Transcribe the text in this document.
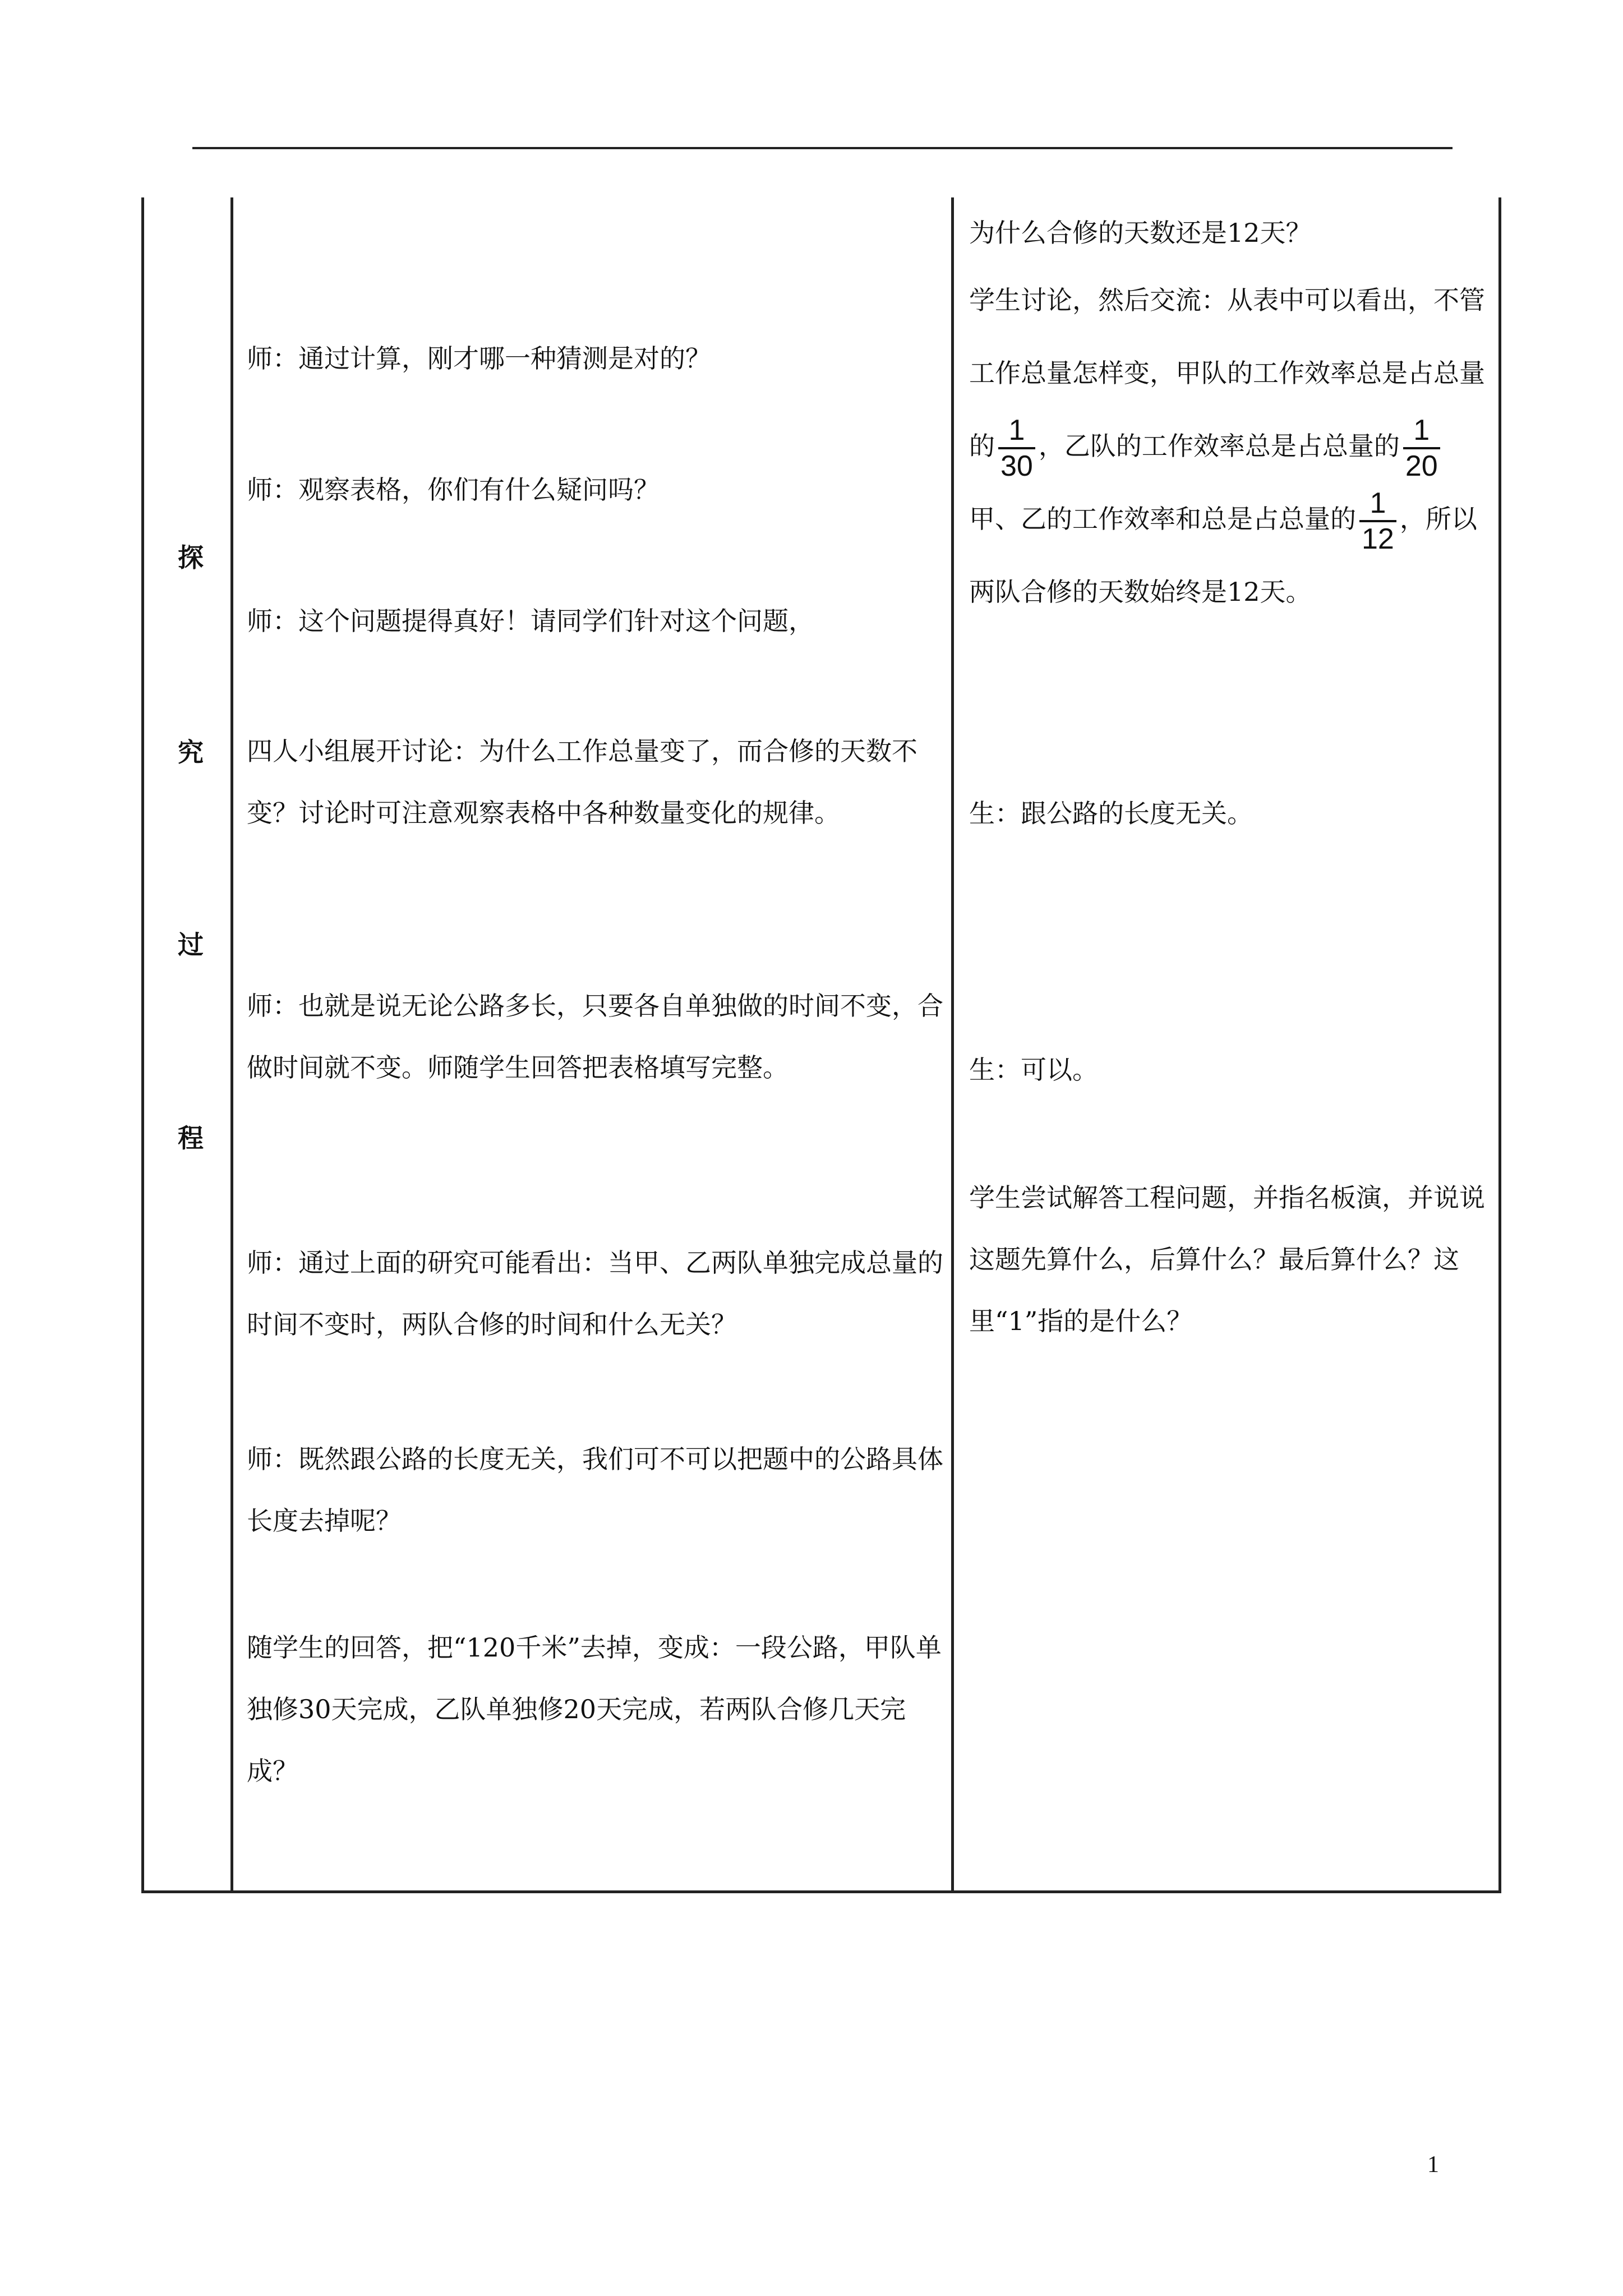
探
究
过
程

师：通过计算，刚才哪一种猜测是对的？

师：观察表格，你们有什么疑问吗？

师：这个问题提得真好！请同学们针对这个问题，

四人小组展开讨论：为什么工作总量变了，而合修的天数不变？讨论时可注意观察表格中各种数量变化的规律。

师：也就是说无论公路多长，只要各自单独做的时间不变，合做时间就不变。师随学生回答把表格填写完整。

师：通过上面的研究可能看出：当甲、乙两队单独完成总量的时间不变时，两队合修的时间和什么无关？

师：既然跟公路的长度无关，我们可不可以把题中的公路具体长度去掉呢？

随学生的回答，把“120千米”去掉，变成：一段公路，甲队单独修30天完成，乙队单独修20天完成，若两队合修几天完成？

为什么合修的天数还是12天？

学生讨论，然后交流：从表中可以看出，不管工作总量怎样变，甲队的工作效率总是占总量的 $\frac{1}{30}$ ，乙队的工作效率总是占总量的 $\frac{1}{20}$
甲、乙的工作效率和总是占总量的 $\frac{1}{12}$ ，所以两队合修的天数始终是12天。

生：跟公路的长度无关。

生：可以。

学生尝试解答工程问题，并指名板演，并说说这题先算什么，后算什么？最后算什么？这里“1”指的是什么？

1
